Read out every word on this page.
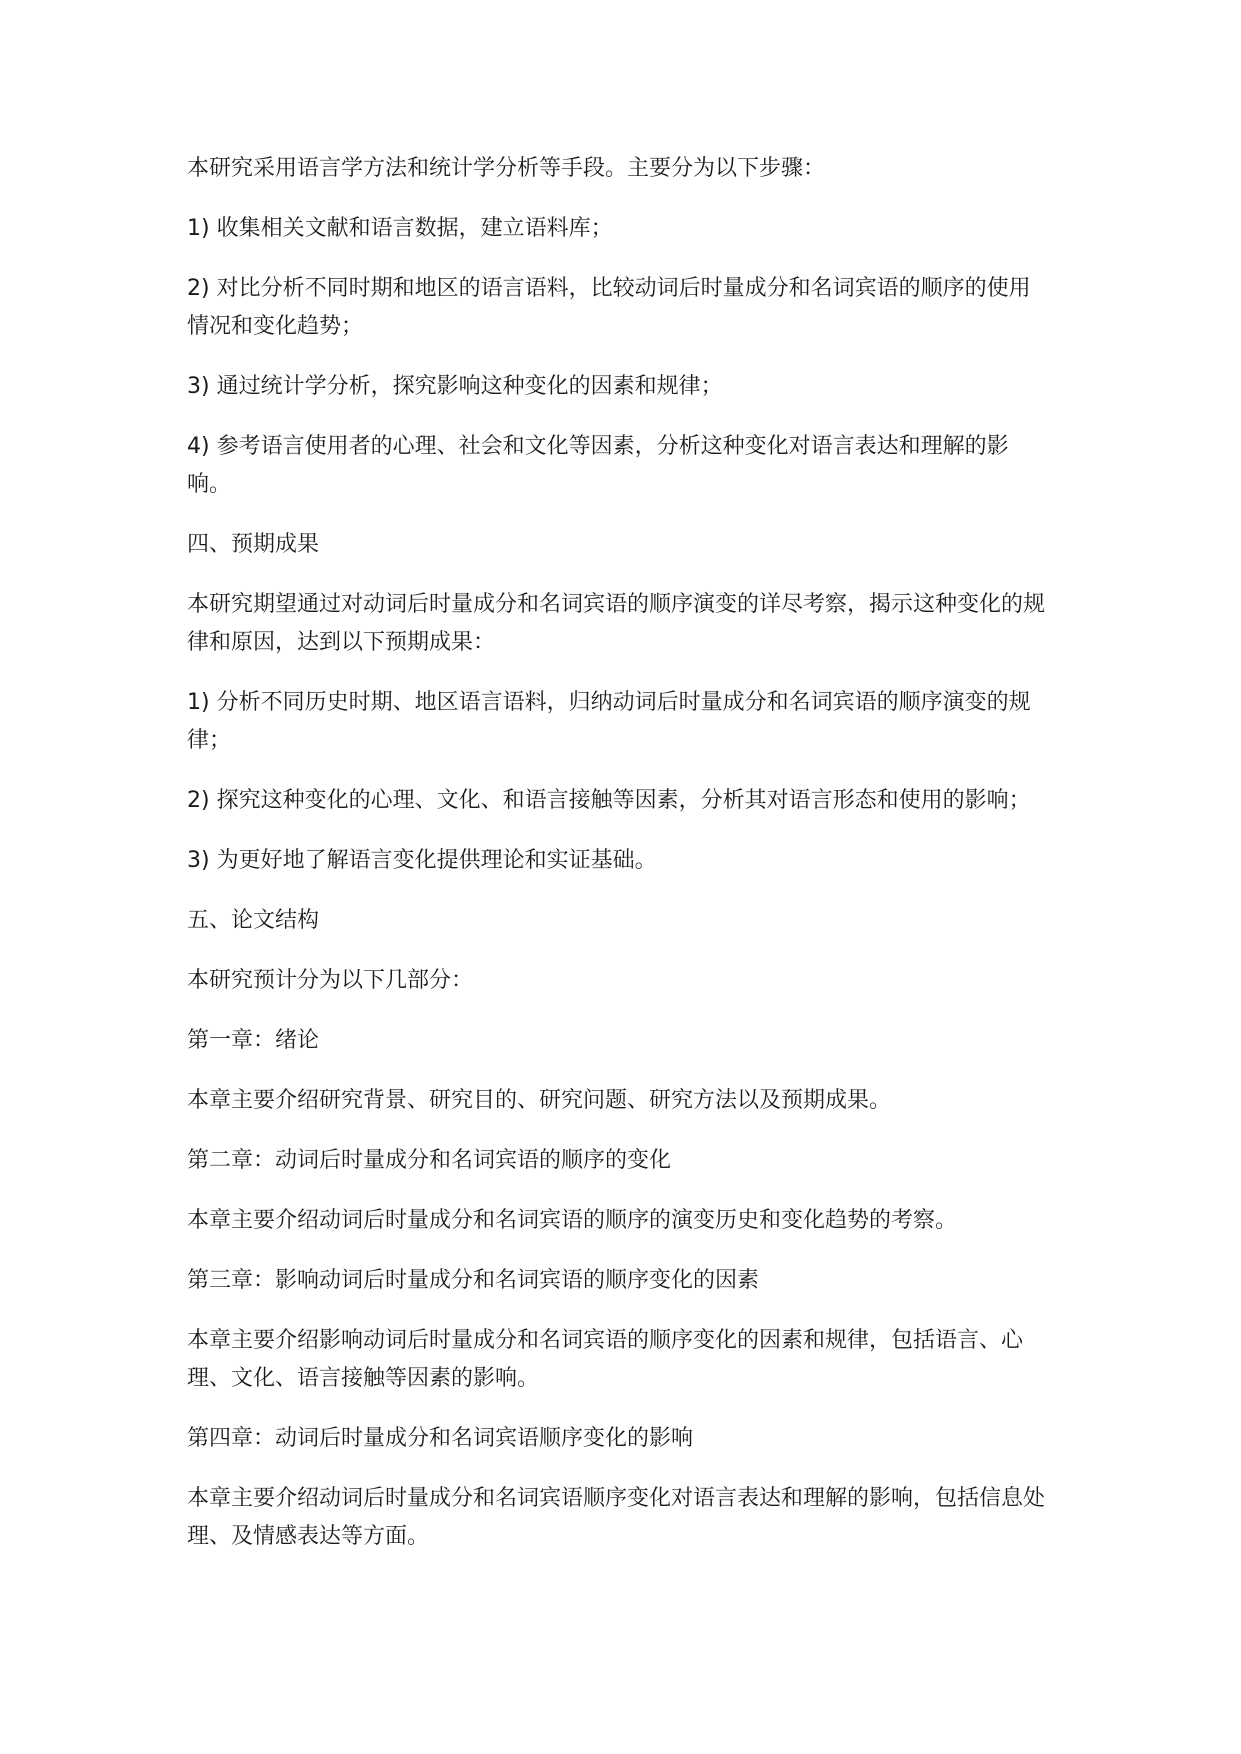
本研究采用语言学方法和统计学分析等手段。主要分为以下步骤：

1) 收集相关文献和语言数据，建立语料库；

2) 对比分析不同时期和地区的语言语料，比较动词后时量成分和名词宾语的顺序的使用情况和变化趋势；

3) 通过统计学分析，探究影响这种变化的因素和规律；

4) 参考语言使用者的心理、社会和文化等因素，分析这种变化对语言表达和理解的影响。

四、预期成果

本研究期望通过对动词后时量成分和名词宾语的顺序演变的详尽考察，揭示这种变化的规律和原因，达到以下预期成果：

1) 分析不同历史时期、地区语言语料，归纳动词后时量成分和名词宾语的顺序演变的规律；

2) 探究这种变化的心理、文化、和语言接触等因素，分析其对语言形态和使用的影响；

3) 为更好地了解语言变化提供理论和实证基础。

五、论文结构

本研究预计分为以下几部分：

第一章：绪论

本章主要介绍研究背景、研究目的、研究问题、研究方法以及预期成果。

第二章：动词后时量成分和名词宾语的顺序的变化

本章主要介绍动词后时量成分和名词宾语的顺序的演变历史和变化趋势的考察。

第三章：影响动词后时量成分和名词宾语的顺序变化的因素

本章主要介绍影响动词后时量成分和名词宾语的顺序变化的因素和规律，包括语言、心理、文化、语言接触等因素的影响。

第四章：动词后时量成分和名词宾语顺序变化的影响

本章主要介绍动词后时量成分和名词宾语顺序变化对语言表达和理解的影响，包括信息处理、及情感表达等方面。
